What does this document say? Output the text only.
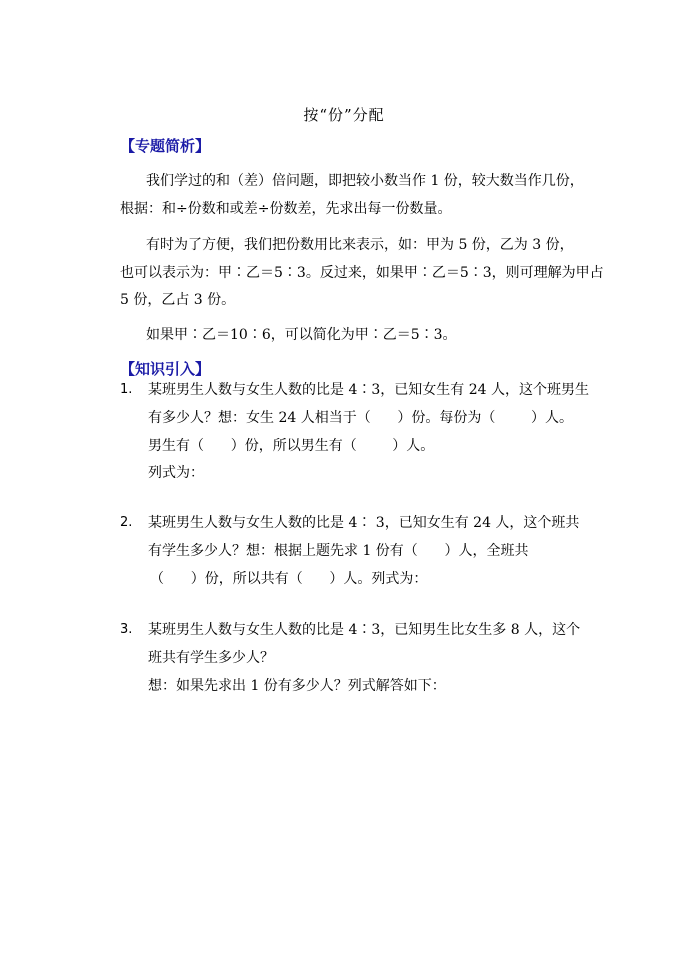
按“份”分配
【专题简析】
我们学过的和（差）倍问题，即把较小数当作 1 份，较大数当作几份，
根据：和÷份数和或差÷份数差，先求出每一份数量。
有时为了方便，我们把份数用比来表示，如：甲为 5 份，乙为 3 份，
也可以表示为：甲∶乙＝5∶3。反过来，如果甲∶乙＝5∶3，则可理解为甲占
5 份，乙占 3 份。
如果甲∶乙＝10∶6，可以简化为甲∶乙＝5∶3。
【知识引入】
1. 某班男生人数与女生人数的比是 4∶3，已知女生有 24 人，这个班男生
有多少人？想：女生 24 人相当于（      ）份。每份为（        ）人。
男生有（      ）份，所以男生有（        ）人。
列式为：
2. 某班男生人数与女生人数的比是 4∶ 3，已知女生有 24 人，这个班共
有学生多少人？想：根据上题先求 1 份有（      ）人，全班共
（      ）份，所以共有（      ）人。列式为：
3. 某班男生人数与女生人数的比是 4∶3，已知男生比女生多 8 人，这个
班共有学生多少人？
想：如果先求出 1 份有多少人？列式解答如下：
